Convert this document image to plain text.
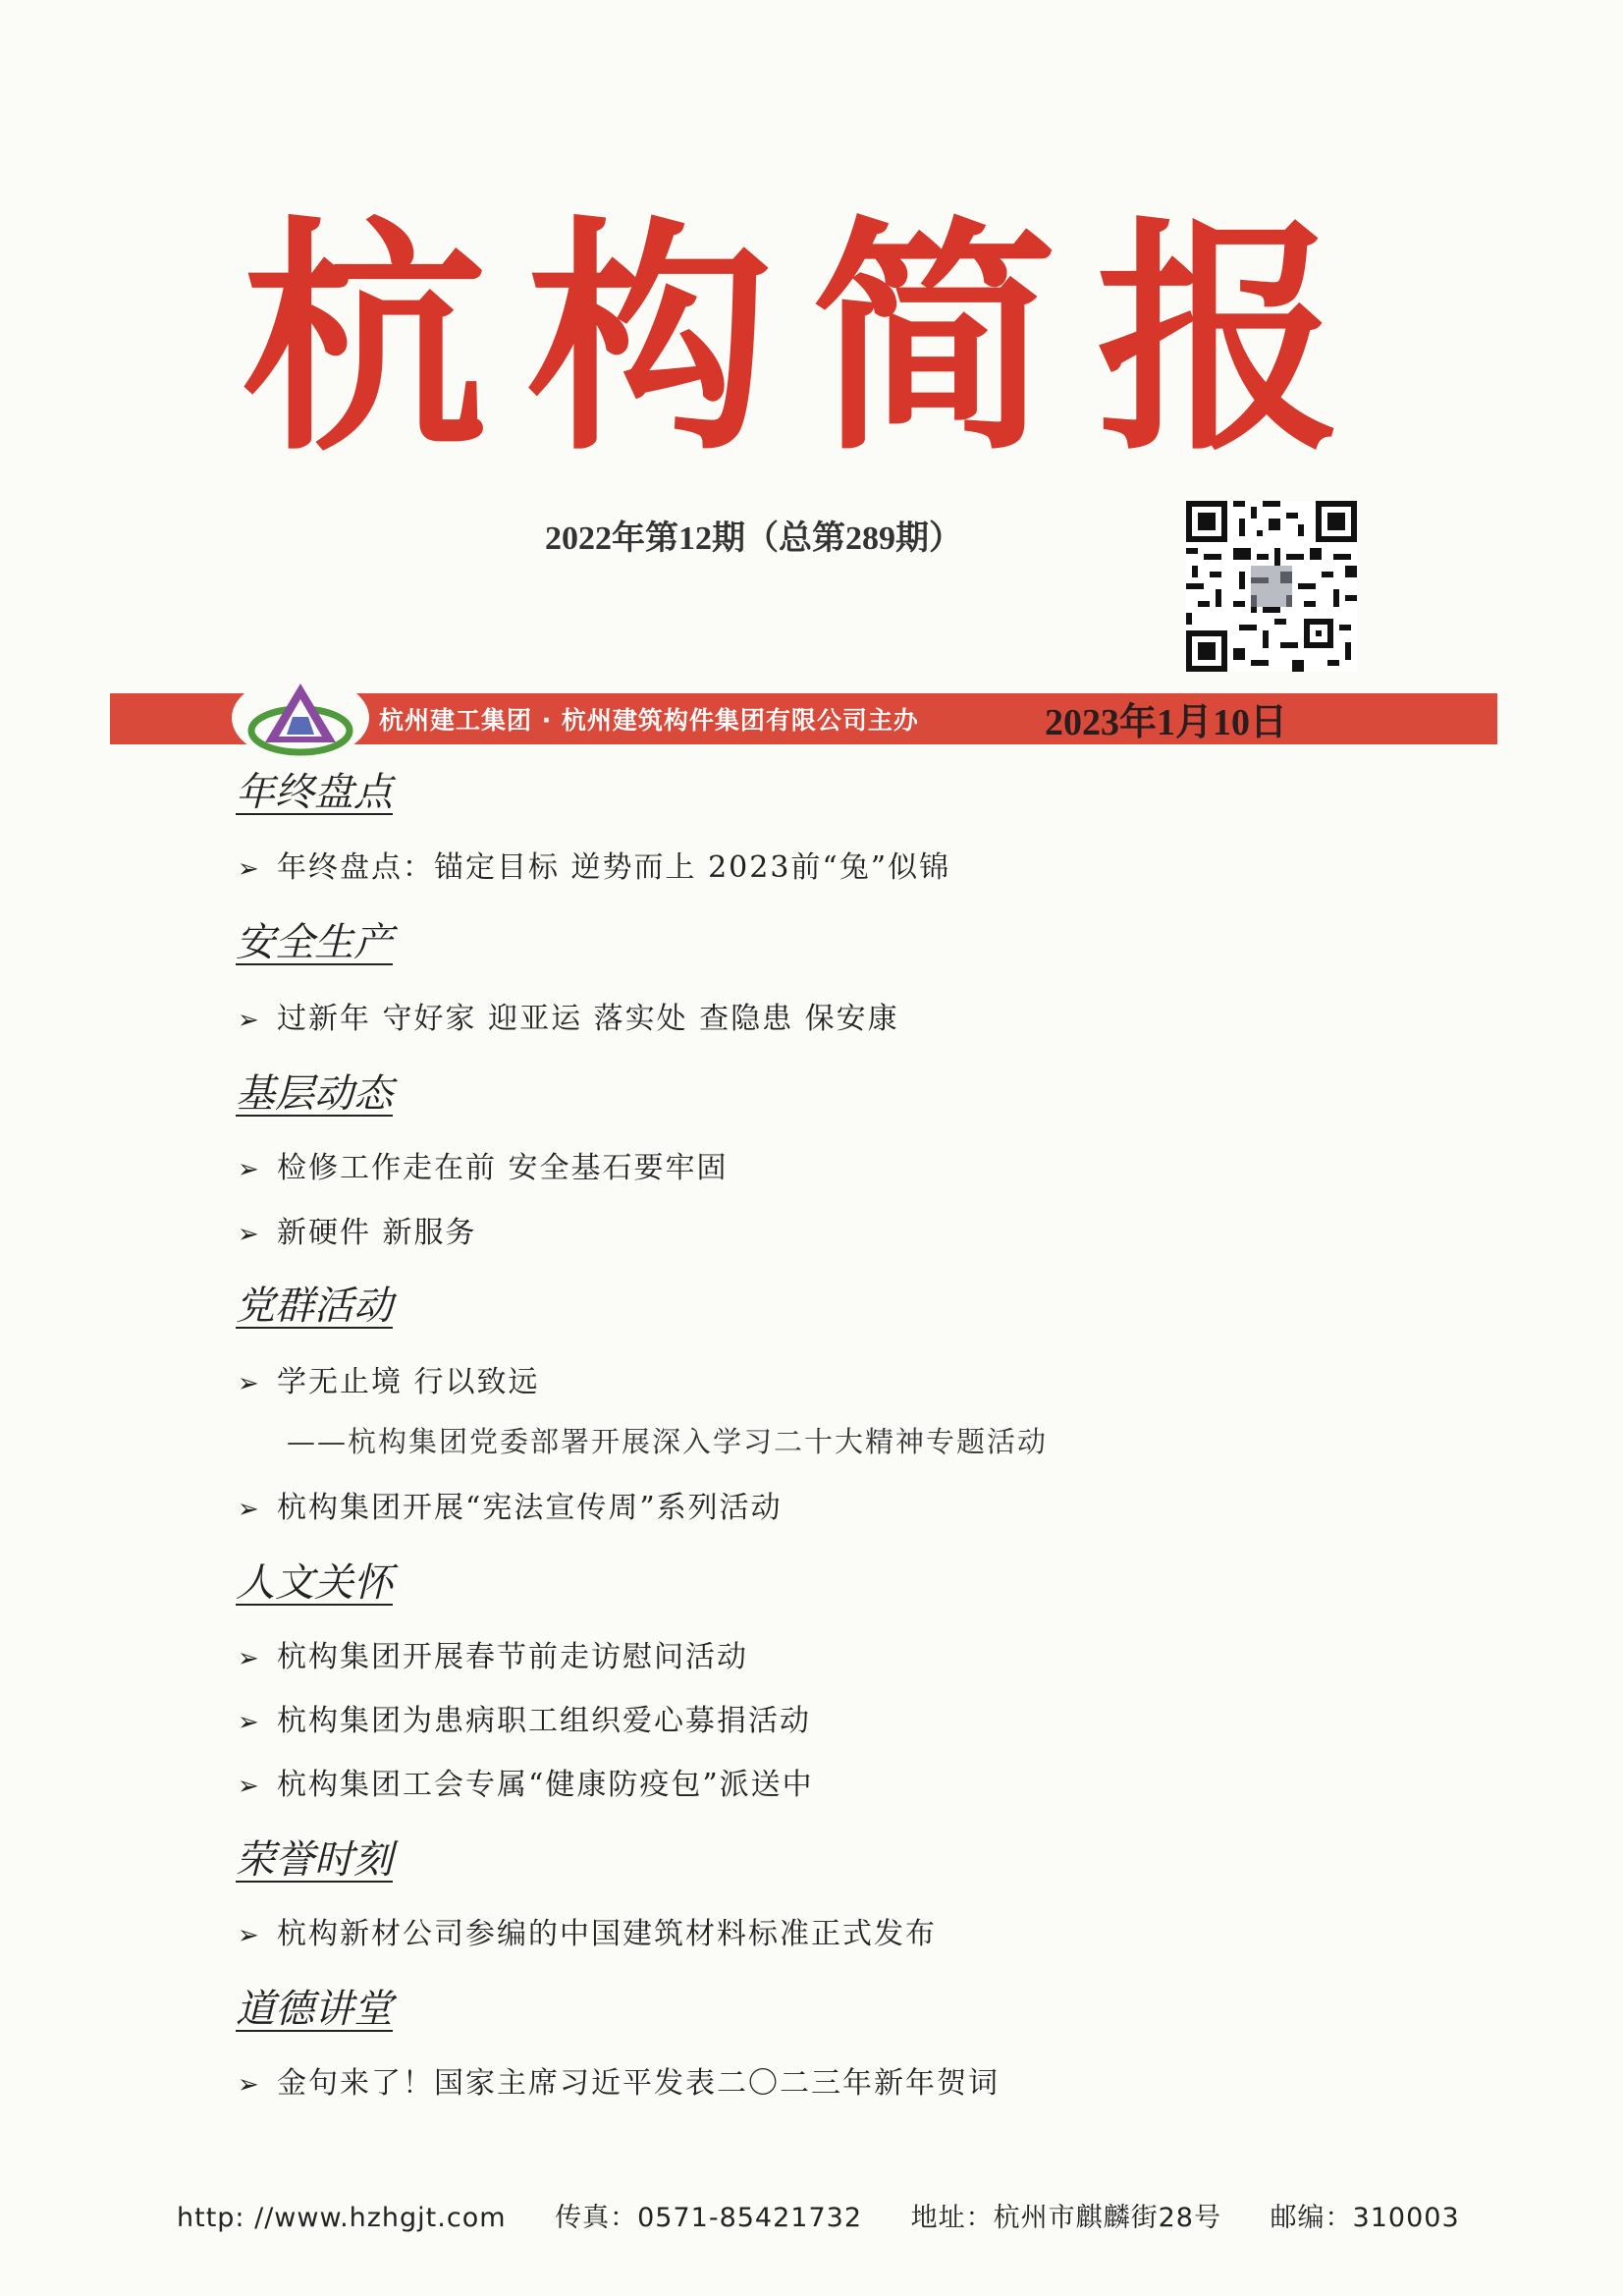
杭构简报
2022年第12期（总第289期）
杭州建工集团 · 杭州建筑构件集团有限公司主办	2023年1月10日
年终盘点
➢ 年终盘点：锚定目标 逆势而上 2023前“兔”似锦
安全生产
➢ 过新年 守好家 迎亚运 落实处 查隐患 保安康
基层动态
➢ 检修工作走在前 安全基石要牢固
➢ 新硬件 新服务
党群活动
➢ 学无止境 行以致远
——杭构集团党委部署开展深入学习二十大精神专题活动
➢ 杭构集团开展“宪法宣传周”系列活动
人文关怀
➢ 杭构集团开展春节前走访慰问活动
➢ 杭构集团为患病职工组织爱心募捐活动
➢ 杭构集团工会专属“健康防疫包”派送中
荣誉时刻
➢ 杭构新材公司参编的中国建筑材料标准正式发布
道德讲堂
➢ 金句来了！国家主席习近平发表二〇二三年新年贺词
http: //www.hzhgjt.com 传真：0571-85421732 地址：杭州市麒麟街28号 邮编：310003
